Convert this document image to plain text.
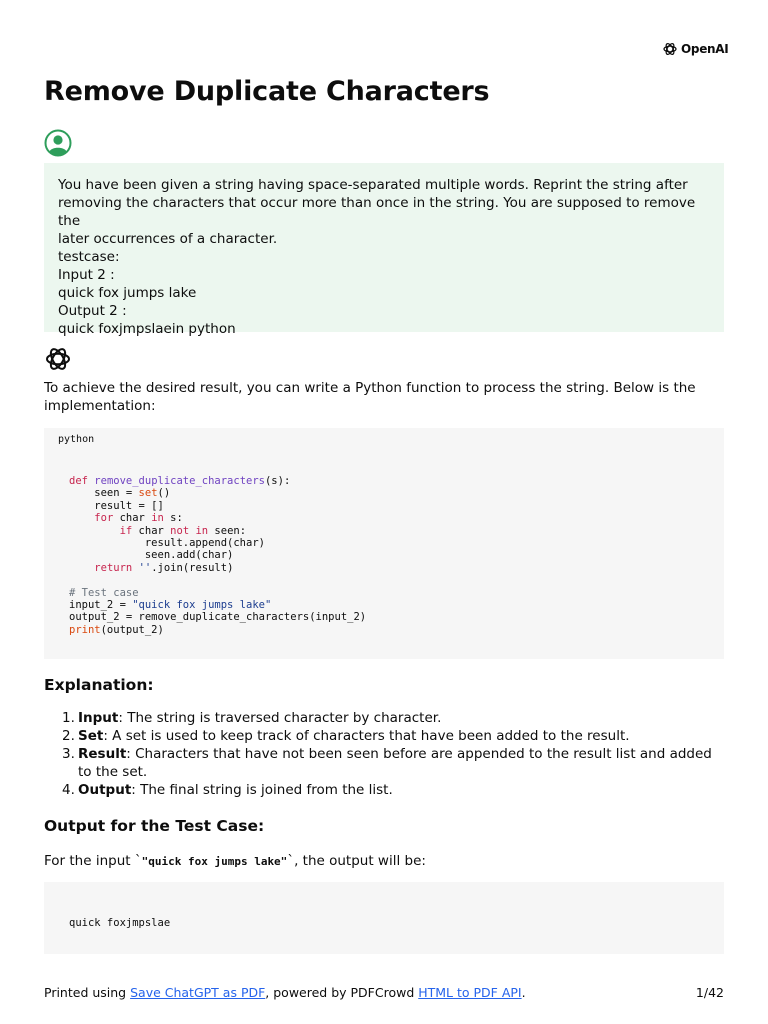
OpenAI
Remove Duplicate Characters
You have been given a string having space-separated multiple words. Reprint the string after
removing the characters that occur more than once in the string. You are supposed to remove the
later occurrences of a character.
testcase:
Input 2 :
quick fox jumps lake
Output 2 :
quick foxjmpslaein python

To achieve the desired result, you can write a Python function to process the string. Below is the implementation:

python
def remove_duplicate_characters(s):
seen = set()
result = []
for char in s:
if char not in seen:
result.append(char)
seen.add(char)
return ''.join(result)

# Test case
input_2 = "quick fox jumps lake"
output_2 = remove_duplicate_characters(input_2)
print(output_2)
Explanation:
1. Input: The string is traversed character by character.
2. Set: A set is used to keep track of characters that have been added to the result.
3. Result: Characters that have not been seen before are appended to the result list and added to the set.
4. Output: The final string is joined from the list.
Output for the Test Case:

For the input `"quick fox jumps lake"`, the output will be:

quick foxjmpslae
Printed using Save ChatGPT as PDF, powered by PDFCrowd HTML to PDF API.	1/42
